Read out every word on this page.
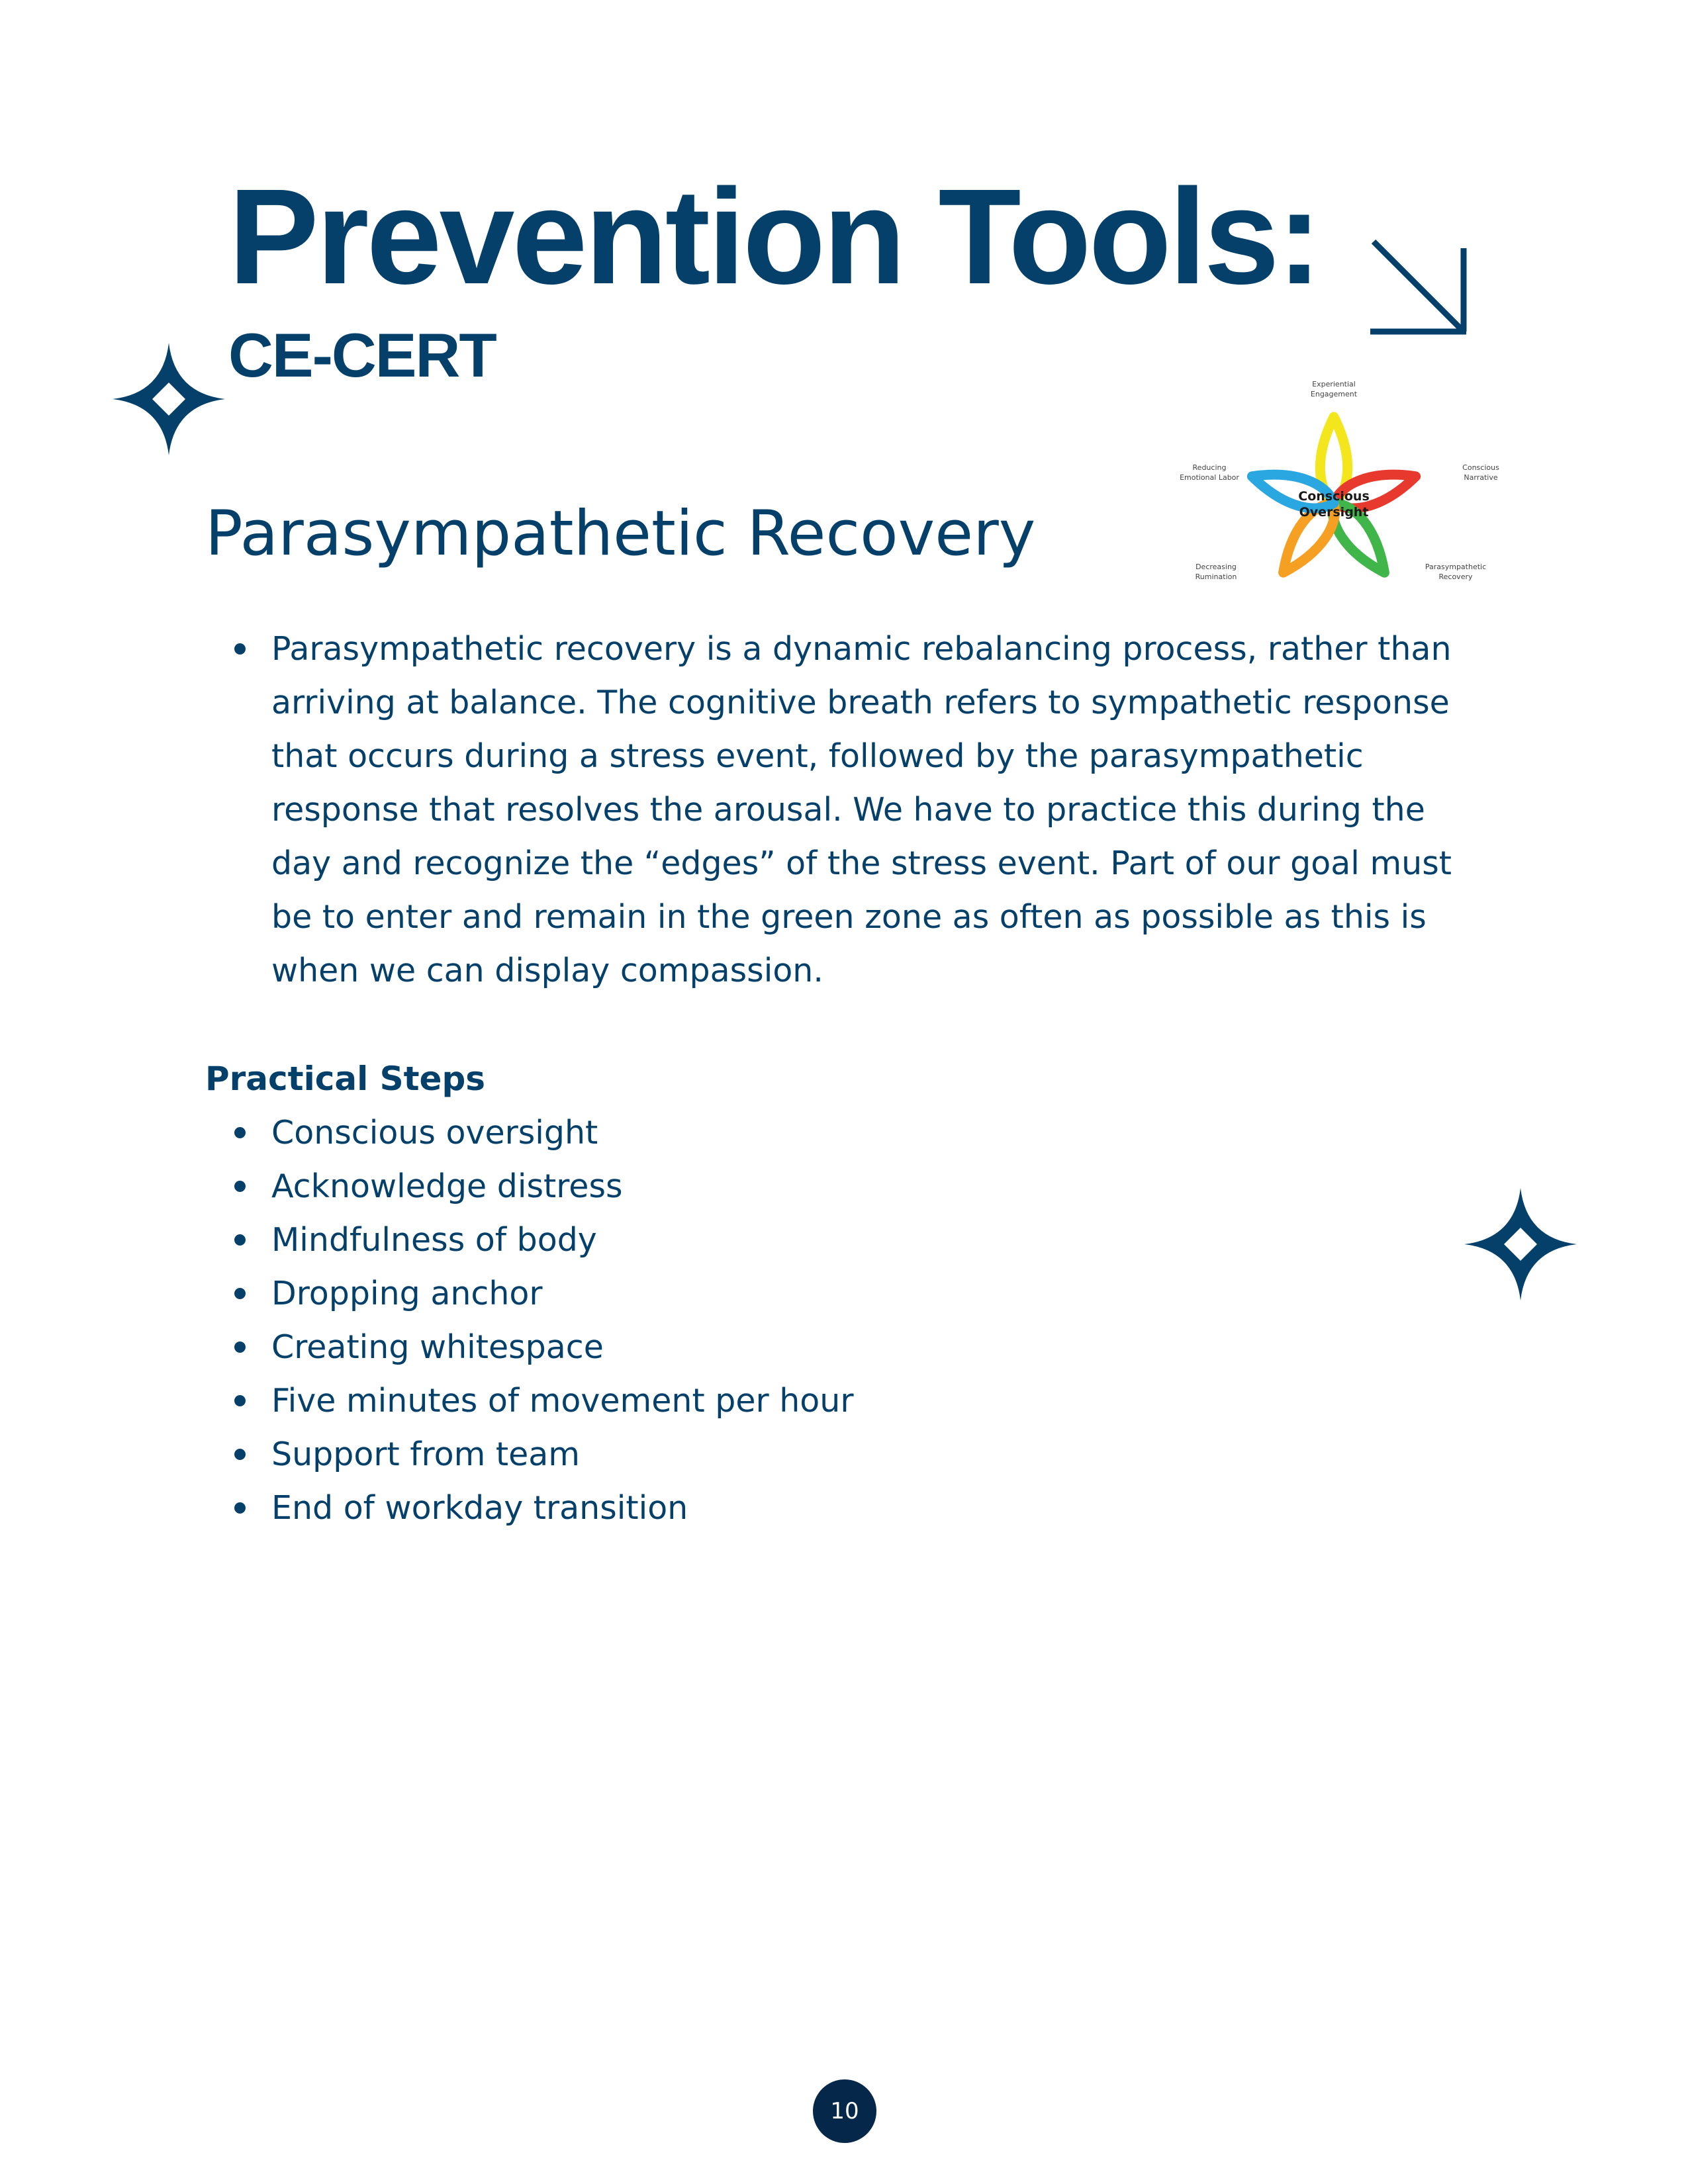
Prevention Tools:
CE-CERT
Parasympathetic Recovery
Conscious
Oversight
Experiential
Engagement
Conscious
Narrative
Parasympathetic
Recovery
Decreasing
Rumination
Reducing
Emotional Labor
Parasympathetic recovery is a dynamic rebalancing process, rather than arriving at balance. The cognitive breath refers to sympathetic response that occurs during a stress event, followed by the parasympathetic response that resolves the arousal. We have to practice this during the day and recognize the “edges” of the stress event. Part of our goal must be to enter and remain in the green zone as often as possible as this is when we can display compassion.
Practical Steps
Conscious oversight
Acknowledge distress
Mindfulness of body
Dropping anchor
Creating whitespace
Five minutes of movement per hour
Support from team
End of workday transition
10
